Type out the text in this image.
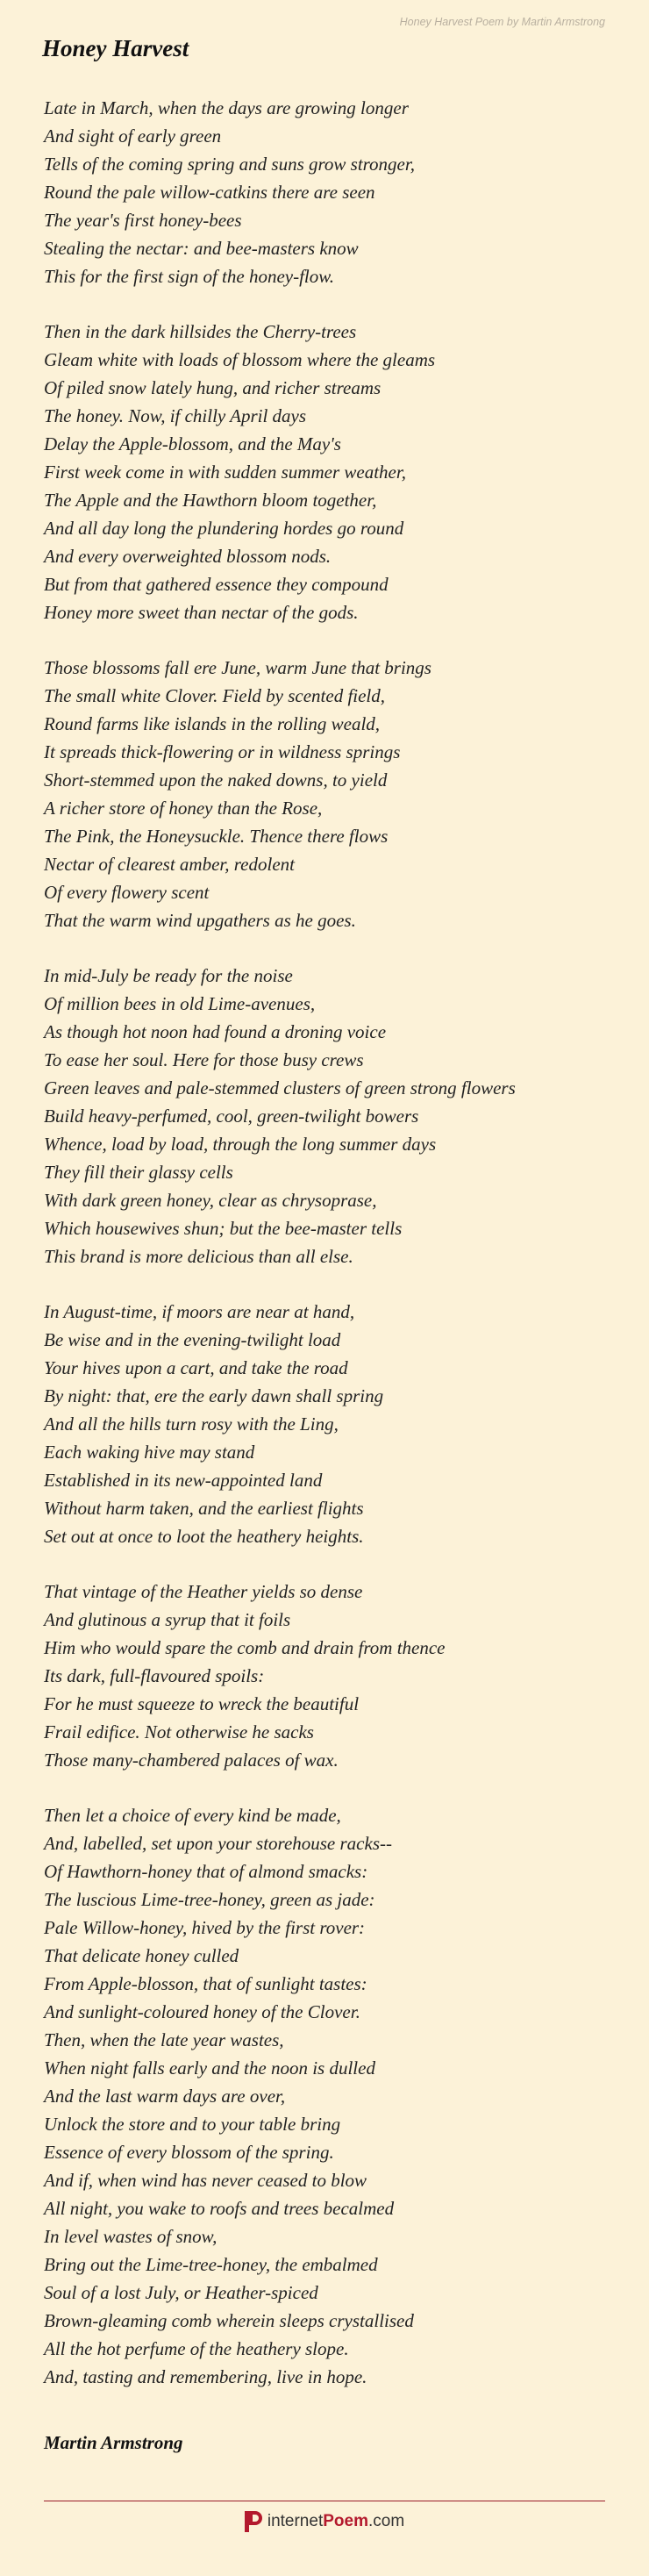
Honey Harvest Poem by Martin Armstrong
Honey Harvest
Late in March, when the days are growing longer
And sight of early green
Tells of the coming spring and suns grow stronger,
Round the pale willow-catkins there are seen
The year's first honey-bees
Stealing the nectar: and bee-masters know
This for the first sign of the honey-flow.
Then in the dark hillsides the Cherry-trees
Gleam white with loads of blossom where the gleams
Of piled snow lately hung, and richer streams
The honey. Now, if chilly April days
Delay the Apple-blossom, and the May's
First week come in with sudden summer weather,
The Apple and the Hawthorn bloom together,
And all day long the plundering hordes go round
And every overweighted blossom nods.
But from that gathered essence they compound
Honey more sweet than nectar of the gods.
Those blossoms fall ere June, warm June that brings
The small white Clover. Field by scented field,
Round farms like islands in the rolling weald,
It spreads thick-flowering or in wildness springs
Short-stemmed upon the naked downs, to yield
A richer store of honey than the Rose,
The Pink, the Honeysuckle. Thence there flows
Nectar of clearest amber, redolent
Of every flowery scent
That the warm wind upgathers as he goes.
In mid-July be ready for the noise
Of million bees in old Lime-avenues,
As though hot noon had found a droning voice
To ease her soul. Here for those busy crews
Green leaves and pale-stemmed clusters of green strong flowers
Build heavy-perfumed, cool, green-twilight bowers
Whence, load by load, through the long summer days
They fill their glassy cells
With dark green honey, clear as chrysoprase,
Which housewives shun; but the bee-master tells
This brand is more delicious than all else.
In August-time, if moors are near at hand,
Be wise and in the evening-twilight load
Your hives upon a cart, and take the road
By night: that, ere the early dawn shall spring
And all the hills turn rosy with the Ling,
Each waking hive may stand
Established in its new-appointed land
Without harm taken, and the earliest flights
Set out at once to loot the heathery heights.
That vintage of the Heather yields so dense
And glutinous a syrup that it foils
Him who would spare the comb and drain from thence
Its dark, full-flavoured spoils:
For he must squeeze to wreck the beautiful
Frail edifice. Not otherwise he sacks
Those many-chambered palaces of wax.
Then let a choice of every kind be made,
And, labelled, set upon your storehouse racks--
Of Hawthorn-honey that of almond smacks:
The luscious Lime-tree-honey, green as jade:
Pale Willow-honey, hived by the first rover:
That delicate honey culled
From Apple-blosson, that of sunlight tastes:
And sunlight-coloured honey of the Clover.
Then, when the late year wastes,
When night falls early and the noon is dulled
And the last warm days are over,
Unlock the store and to your table bring
Essence of every blossom of the spring.
And if, when wind has never ceased to blow
All night, you wake to roofs and trees becalmed
In level wastes of snow,
Bring out the Lime-tree-honey, the embalmed
Soul of a lost July, or Heather-spiced
Brown-gleaming comb wherein sleeps crystallised
All the hot perfume of the heathery slope.
And, tasting and remembering, live in hope.
Martin Armstrong
internetPoem.com
